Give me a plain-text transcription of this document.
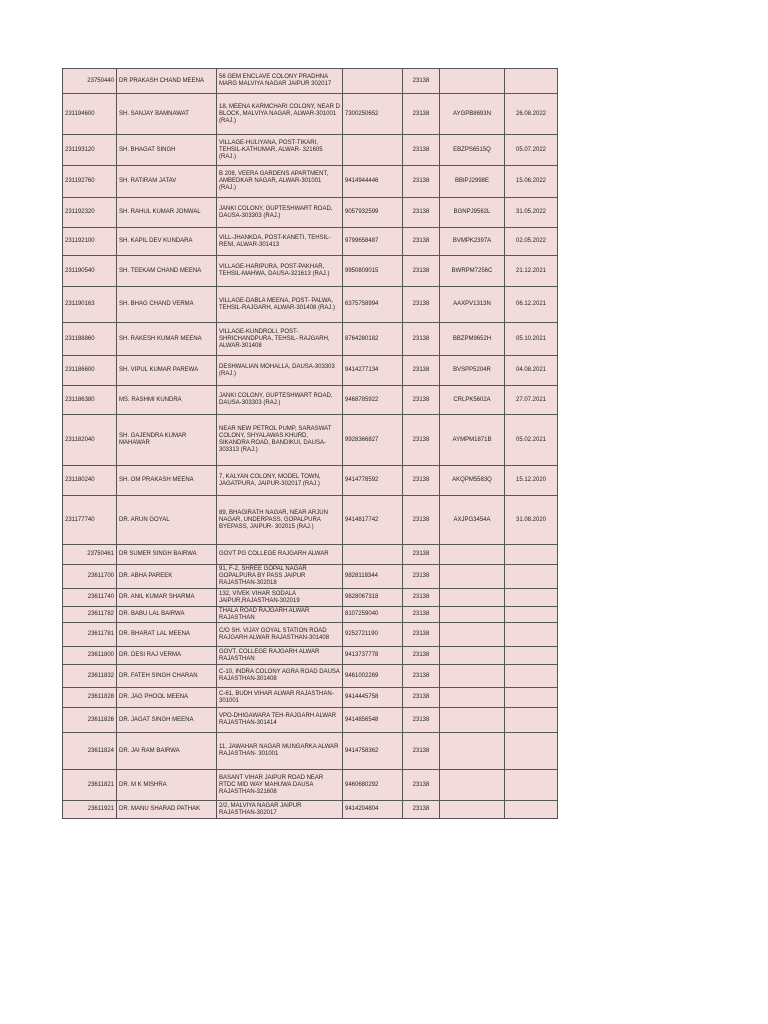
23750440	DR PRAKASH CHAND MEENA	56 GEM ENCLAVE COLONY PRADHNA MARG MALVIYA NAGAR JAIPUR 302017		23138		
231194600	SH. SANJAY BAMNAWAT	18, MEENA KARMCHARI COLONY, NEAR D BLOCK, MALVIYA NAGAR, ALWAR-301001 (RAJ.)	7300250652	23138	AYGPB8693N	26.08.2022
231193120	SH. BHAGAT SINGH	VILLAGE-HULIYANA, POST-TIKARI, TEHSIL-KATHUMAR, ALWAR- 321605 (RAJ.)		23138	EBZPS6515Q	05.07.2022
231192760	SH. RATIRAM JATAV	B 208, VEERA GARDENS APARTMENT, AMBEDKAR NAGAR, ALWAR-301001 (RAJ.)	9414944446	23138	BBIPJ2998E	15.06.2022
231192320	SH. RAHUL KUMAR JONWAL	JANKI COLONY, GUPTESHWART ROAD, DAUSA-303303 (RAJ.)	9057932599	23138	BGNPJ9562L	31.05.2022
231192100	SH. KAPIL DEV KUNDARA	VILL-JHANKDA, POST-KANETI, TEHSIL-RENI, ALWAR-301413	9799658487	23138	BVMPK2397A	02.05.2022
231190540	SH. TEEKAM CHAND MEENA	VILLAGE-HARIPURA, POST-PAKHAR, TEHSIL-MAHWA, DAUSA-321613 (RAJ.)	9950809015	23138	BWRPM7256C	21.12.2021
231190163	SH. BHAG CHAND VERMA	VILLAGE-DABLA MEENA, POST- PALWA, TEHSIL-RAJGARH, ALWAR-301408 (RAJ.)	6375758994	23138	AAXPV1313N	06.12.2021
231188860	SH. RAKESH KUMAR MEENA	VILLAGE-KUNDROLI, POST-SHRICHANDPURA, TEHSIL- RAJGARH, ALWAR-301408	8764280182	23138	BBZPM9652H	05.10.2021
231186600	SH. VIPUL KUMAR PAREWA	DESHWALIAN MOHALLA, DAUSA-303303 (RAJ.)	9414277134	23138	BVSPP5204R	04.08.2021
231186380	MS. RASHMI KUNDRA	JANKI COLONY, GUPTESHWART ROAD, DAUSA-303303 (RAJ.)	9468785922	23138	CRLPK5602A	27.07.2021
231182040	SH. GAJENDRA KUMAR MAHAWAR	NEAR NEW PETROL PUMP, SARASWAT COLONY, SHYALAWAS KHURD, SIKANDRA ROAD, BANDIKUI, DAUSA-303313 (RAJ.)	9928366827	23138	AYMPM1871B	05.02.2021
231180240	SH. OM PRAKASH MEENA	7, KALYAN COLONY, MODEL TOWN, JAGATPURA, JAIPUR-302017 (RAJ.)	9414778592	23138	AKQPM5583Q	15.12.2020
231177740	DR. ARUN GOYAL	89, BHAGIRATH NAGAR, NEAR ARJUN NAGAR, UNDERPASS, GOPALPURA BYEPASS, JAIPUR- 302015 (RAJ.)	9414817742	23138	AXJPG3454A	31.08.2020
23750461	DR SUMER SINGH BAIRWA	GOVT PG COLLEGE RAJGARH ALWAR		23138		
23611700	DR. ABHA PAREEK	91, F-2, SHREE GOPAL NAGAR GOPALPURA BY PASS JAIPUR RAJASTHAN-302018	9828118344	23138		
23611740	DR. ANIL KUMAR SHARMA	132, VIVEK VIHAR SODALA JAIPUR,RAJASTHAN-302019	9828067318	23138		
23611782	DR. BABU LAL BAIRWA	THALA ROAD RAJGARH ALWAR RAJASTHAN	8107259040	23138		
23611781	DR. BHARAT LAL MEENA	C/O SH. VIJAY GOYAL STATION ROAD RAJGARH ALWAR RAJASTHAN-301408	9252721190	23138		
23611800	DR. DESI RAJ VERMA	GOVT. COLLEGE RAJGARH ALWAR RAJASTHAN	9413737778	23138		
23611832	DR. FATEH SINGH CHARAN	C-10, INDRA COLONY AGRA ROAD DAUSA RAJASTHAN-301408	9461002269	23138		
23611828	DR. JAG PHOOL MEENA	C-61, BUDH VIHAR ALWAR RAJASTHAN-301001	9414445758	23138		
23611826	DR. JAGAT SINGH MEENA	VPO-DHIGAWARA TEH-RAJGARH ALWAR RAJASTHAN-301414	9414856548	23138		
23611824	DR. JAI RAM BAIRWA	11, JAWAHAR NAGAR MUNGARKA ALWAR RAJASTHAN- 301001	9414758362	23138		
23611821	DR. M K MISHRA	BASANT VIHAR JAIPUR ROAD NEAR RTDC MID WAY MAHUWA DAUSA RAJASTHAN-321608	9460680292	23138		
23611921	DR. MANU SHARAD PATHAK	2/2, MALVIYA NAGAR JAIPUR RAJASTHAN-302017	9414204804	23138		
